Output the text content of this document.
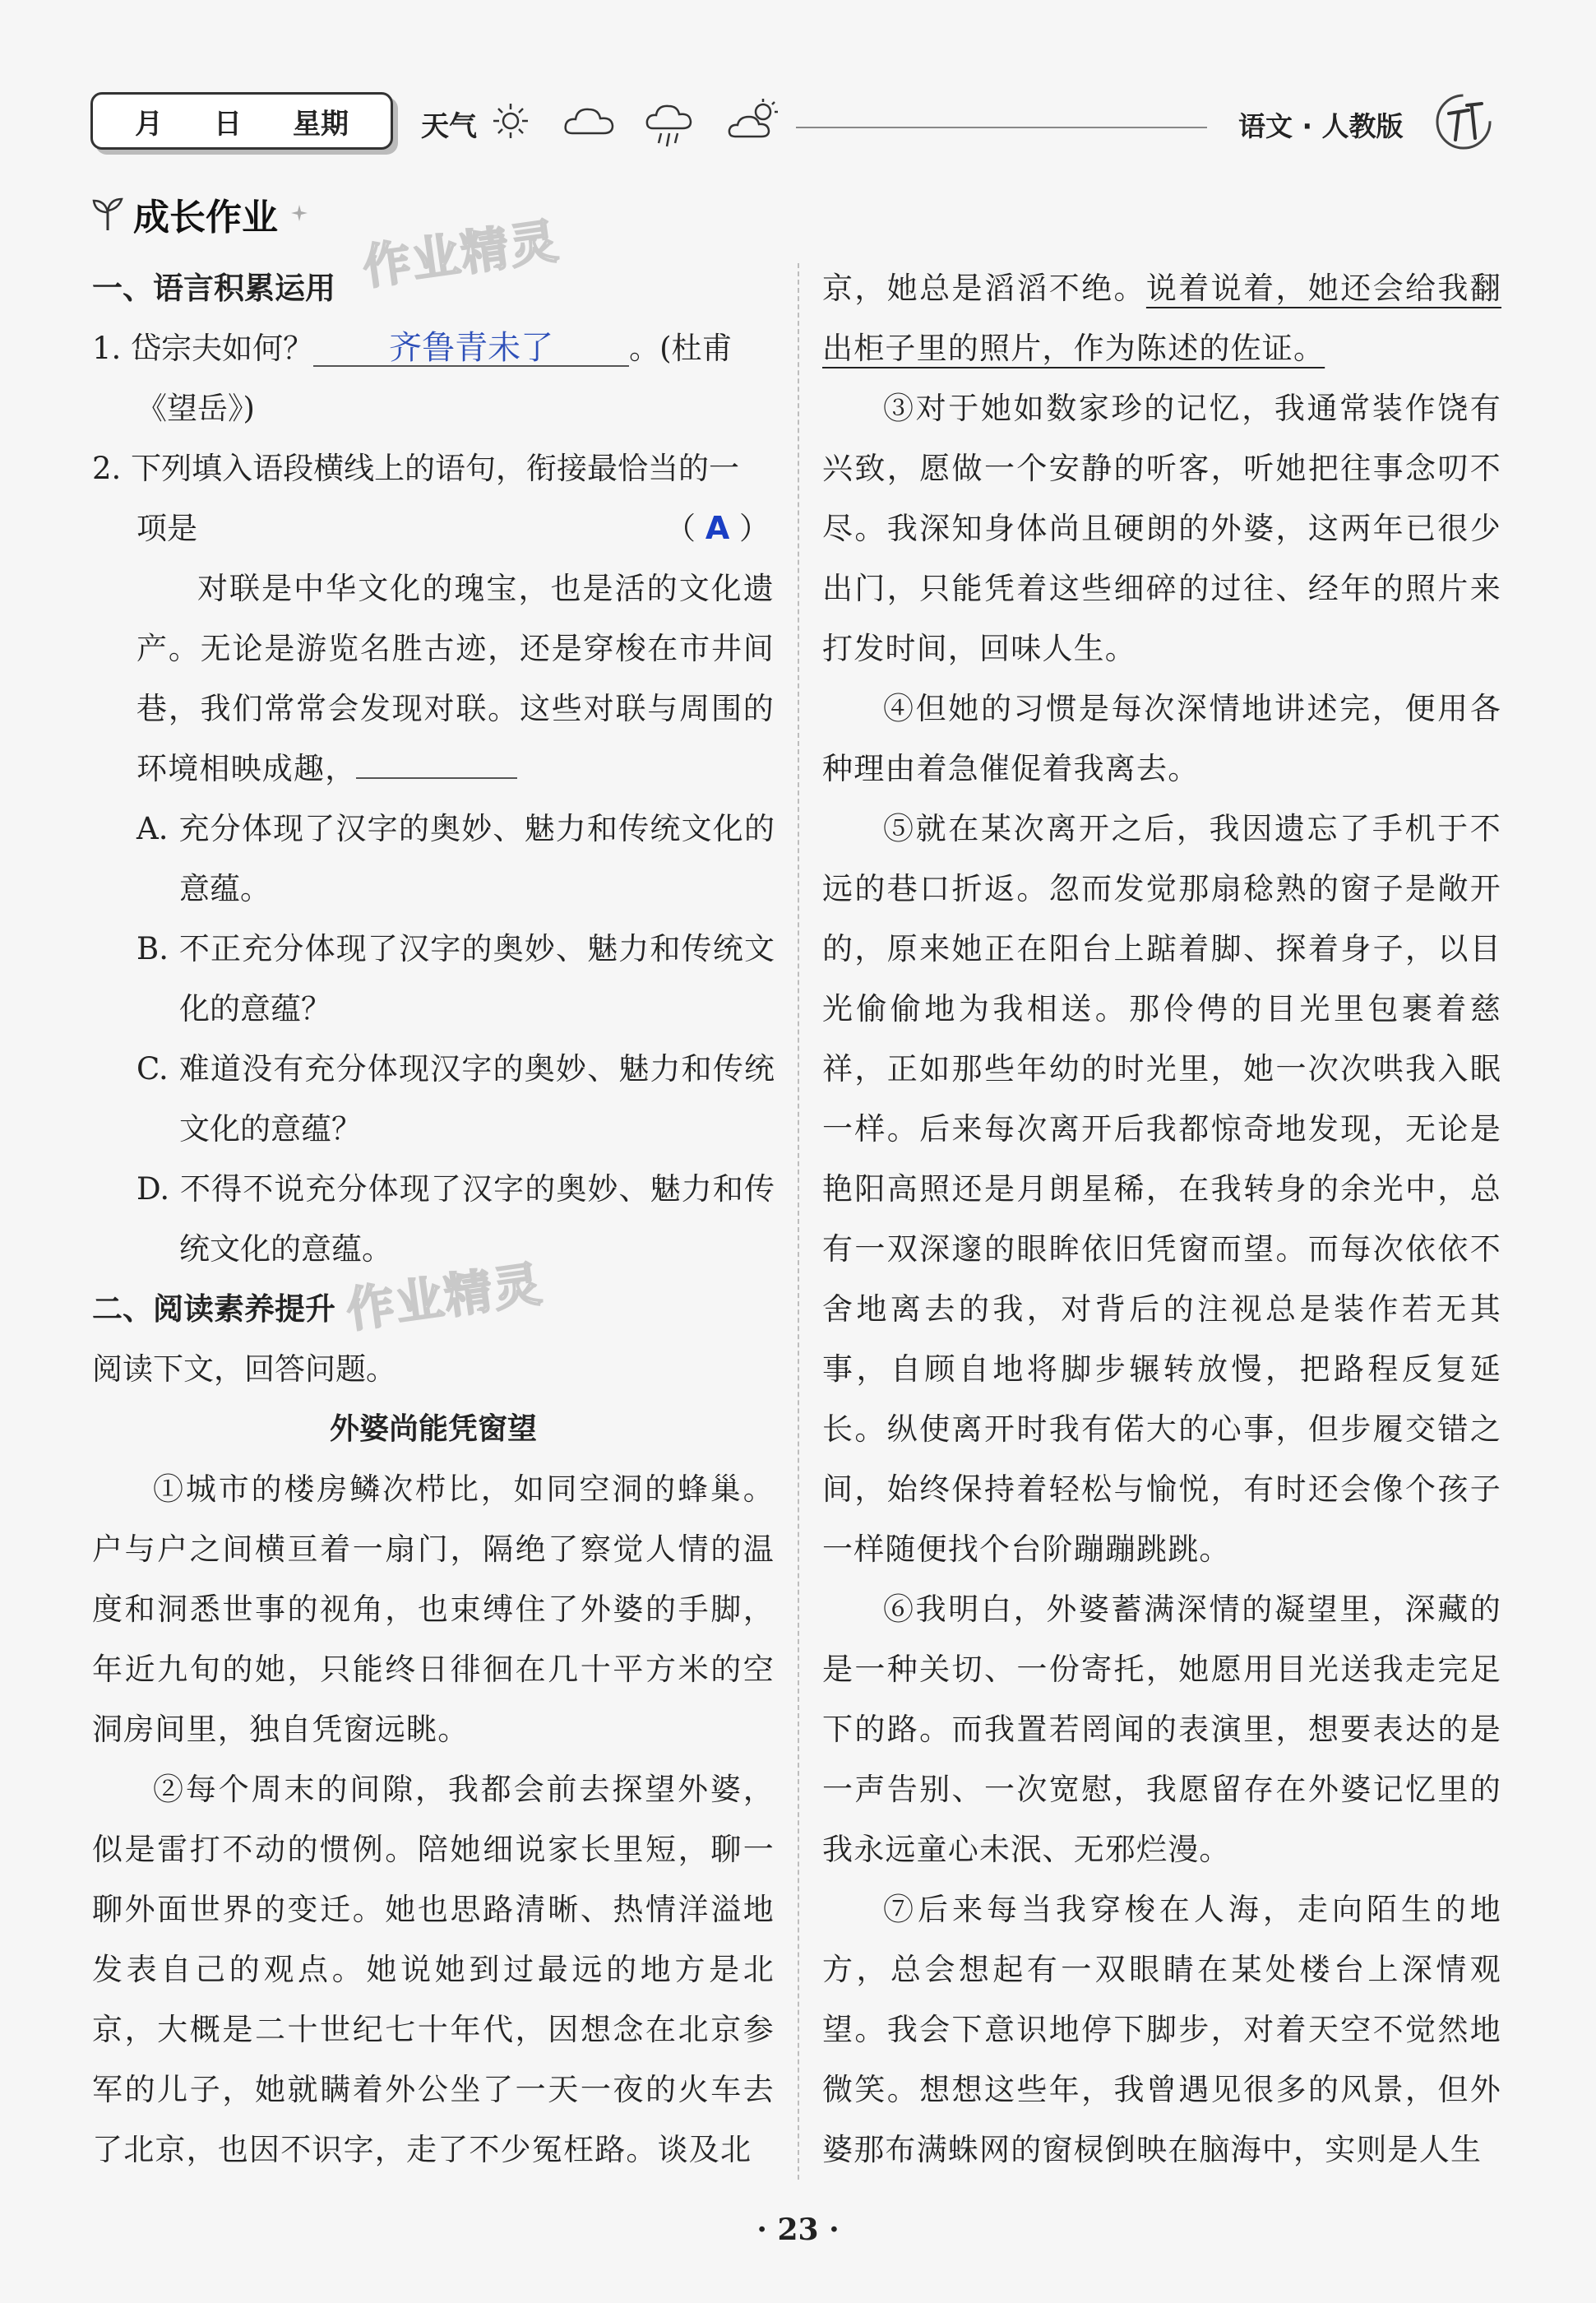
月 日 星期	天气	语文 · 人教版
成长作业 作业精灵
作业精灵

一、语言积累运用

1. 岱宗夫如何？ 齐鲁青未了 。(杜甫
《望岳》)

2. 下列填入语段横线上的语句，衔接最恰当的一

项是	（ A ）

对联是中华文化的瑰宝，也是活的文化遗产。无论是游览名胜古迹，还是穿梭在市井间巷，我们常常会发现对联。这些对联与周围的环境相映成趣，

A. 充分体现了汉字的奥妙、魅力和传统文化的意蕴。

B. 不正充分体现了汉字的奥妙、魅力和传统文化的意蕴？

C. 难道没有充分体现汉字的奥妙、魅力和传统文化的意蕴？

D. 不得不说充分体现了汉字的奥妙、魅力和传统文化的意蕴。

二、阅读素养提升

阅读下文，回答问题。

外婆尚能凭窗望

①城市的楼房鳞次栉比，如同空洞的蜂巢。户与户之间横亘着一扇门，隔绝了察觉人情的温度和洞悉世事的视角，也束缚住了外婆的手脚，年近九旬的她，只能终日徘徊在几十平方米的空洞房间里，独自凭窗远眺。

②每个周末的间隙，我都会前去探望外婆，似是雷打不动的惯例。陪她细说家长里短，聊一聊外面世界的变迁。她也思路清晰、热情洋溢地发表自己的观点。她说她到过最远的地方是北京，大概是二十世纪七十年代，因想念在北京参军的儿子，她就瞒着外公坐了一天一夜的火车去了北京，也因不识字，走了不少冤枉路。谈及北

京，她总是滔滔不绝。说着说着，她还会给我翻出柜子里的照片，作为陈述的佐证。

③对于她如数家珍的记忆，我通常装作饶有兴致，愿做一个安静的听客，听她把往事念叨不尽。我深知身体尚且硬朗的外婆，这两年已很少出门，只能凭着这些细碎的过往、经年的照片来打发时间，回味人生。

④但她的习惯是每次深情地讲述完，便用各种理由着急催促着我离去。

⑤就在某次离开之后，我因遗忘了手机于不远的巷口折返。忽而发觉那扇稔熟的窗子是敞开的，原来她正在阳台上踮着脚、探着身子，以目光偷偷地为我相送。那伶俜的目光里包裹着慈祥，正如那些年幼的时光里，她一次次哄我入眠一样。后来每次离开后我都惊奇地发现，无论是艳阳高照还是月朗星稀，在我转身的余光中，总有一双深邃的眼眸依旧凭窗而望。而每次依依不舍地离去的我，对背后的注视总是装作若无其事，自顾自地将脚步辗转放慢，把路程反复延长。纵使离开时我有偌大的心事，但步履交错之间，始终保持着轻松与愉悦，有时还会像个孩子一样随便找个台阶蹦蹦跳跳。

⑥我明白，外婆蓄满深情的凝望里，深藏的是一种关切、一份寄托，她愿用目光送我走完足下的路。而我置若罔闻的表演里，想要表达的是一声告别、一次宽慰，我愿留存在外婆记忆里的我永远童心未泯、无邪烂漫。

⑦后来每当我穿梭在人海，走向陌生的地方，总会想起有一双眼睛在某处楼台上深情观望。我会下意识地停下脚步，对着天空不觉然地微笑。想想这些年，我曾遇见很多的风景，但外婆那布满蛛网的窗棂倒映在脑海中，实则是人生

· 23 ·
